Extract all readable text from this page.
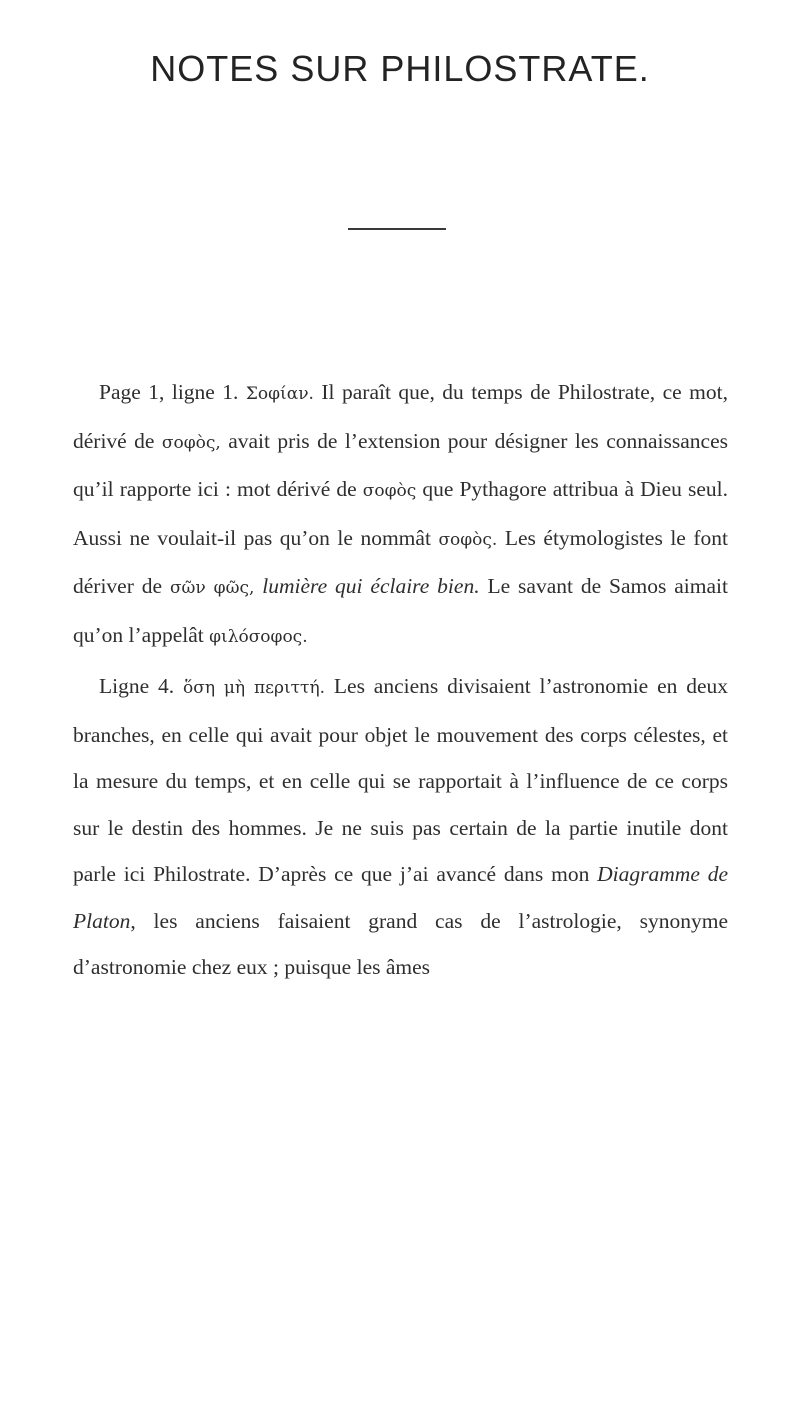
NOTES SUR PHILOSTRATE.

Page 1, ligne 1. Σοφίαν. Il paraît que, du temps de Philostrate, ce mot, dérivé de σοφὸς, avait pris de l’extension pour désigner les connaissances qu’il rapporte ici : mot dérivé de σοφὸς que Pythagore attribua à Dieu seul. Aussi ne voulait-il pas qu’on le nommât σοφὸς. Les étymologistes le font dériver de σῶν φῶς, lumière qui éclaire bien. Le savant de Samos aimait qu’on l’appelât φιλόσοφος.

Ligne 4. ὅση μὴ περιττή. Les anciens divisaient l’astronomie en deux branches, en celle qui avait pour objet le mouvement des corps célestes, et la mesure du temps, et en celle qui se rapportait à l’influence de ce corps sur le destin des hommes. Je ne suis pas certain de la partie inutile dont parle ici Philostrate. D’après ce que j’ai avancé dans mon Diagramme de Platon, les anciens faisaient grand cas de l’astrologie, synonyme d’astronomie chez eux ; puisque les âmes
